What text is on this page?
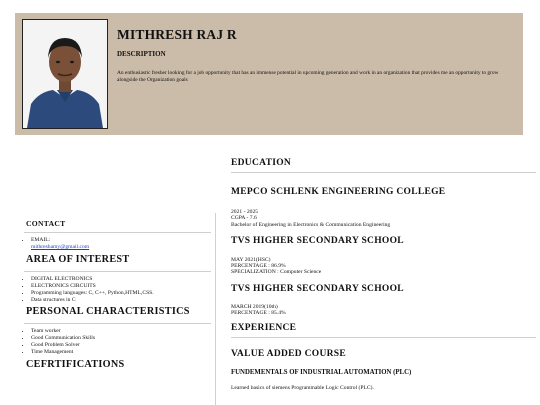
MITHRESH RAJ R
DESCRIPTION
An enthusiastic fresher looking for a job opportunity that has an immense potential in upcoming generation and work in an organization that provides me an opportunity to grow alongside the Organization goals
CONTACT
• EMAIL:
mithreshamy@gmail.com
AREA OF INTEREST
• DIGITAL ELECTRONICS
• ELECTRONICS CIRCUITS
• Programming languages: C, C++, Python,HTML,CSS.
• Data structures in C
PERSONAL CHARACTERISTICS
• Team worker
• Good Communication Skills
• Good Problem Solver
• Time Management
CEFRTIFICATIONS
EDUCATION
MEPCO SCHLENK ENGINEERING COLLEGE
2021 - 2025
CGPA - 7.6
Bachelor of Engineering in Electronics & Communication Engineering
TVS HIGHER SECONDARY SCHOOL
MAY 2021(HSC)
PERCENTAGE : 86.9%
SPECIALIZATION : Computer Science
TVS HIGHER SECONDARY SCHOOL
MARCH 2019(10th)
PERCENTAGE : 85.4%
EXPERIENCE
VALUE ADDED COURSE
FUNDEMENTALS OF INDUSTRIAL AUTOMATION (PLC)
Learned basics of siemens Programmable Logic Control (PLC).
